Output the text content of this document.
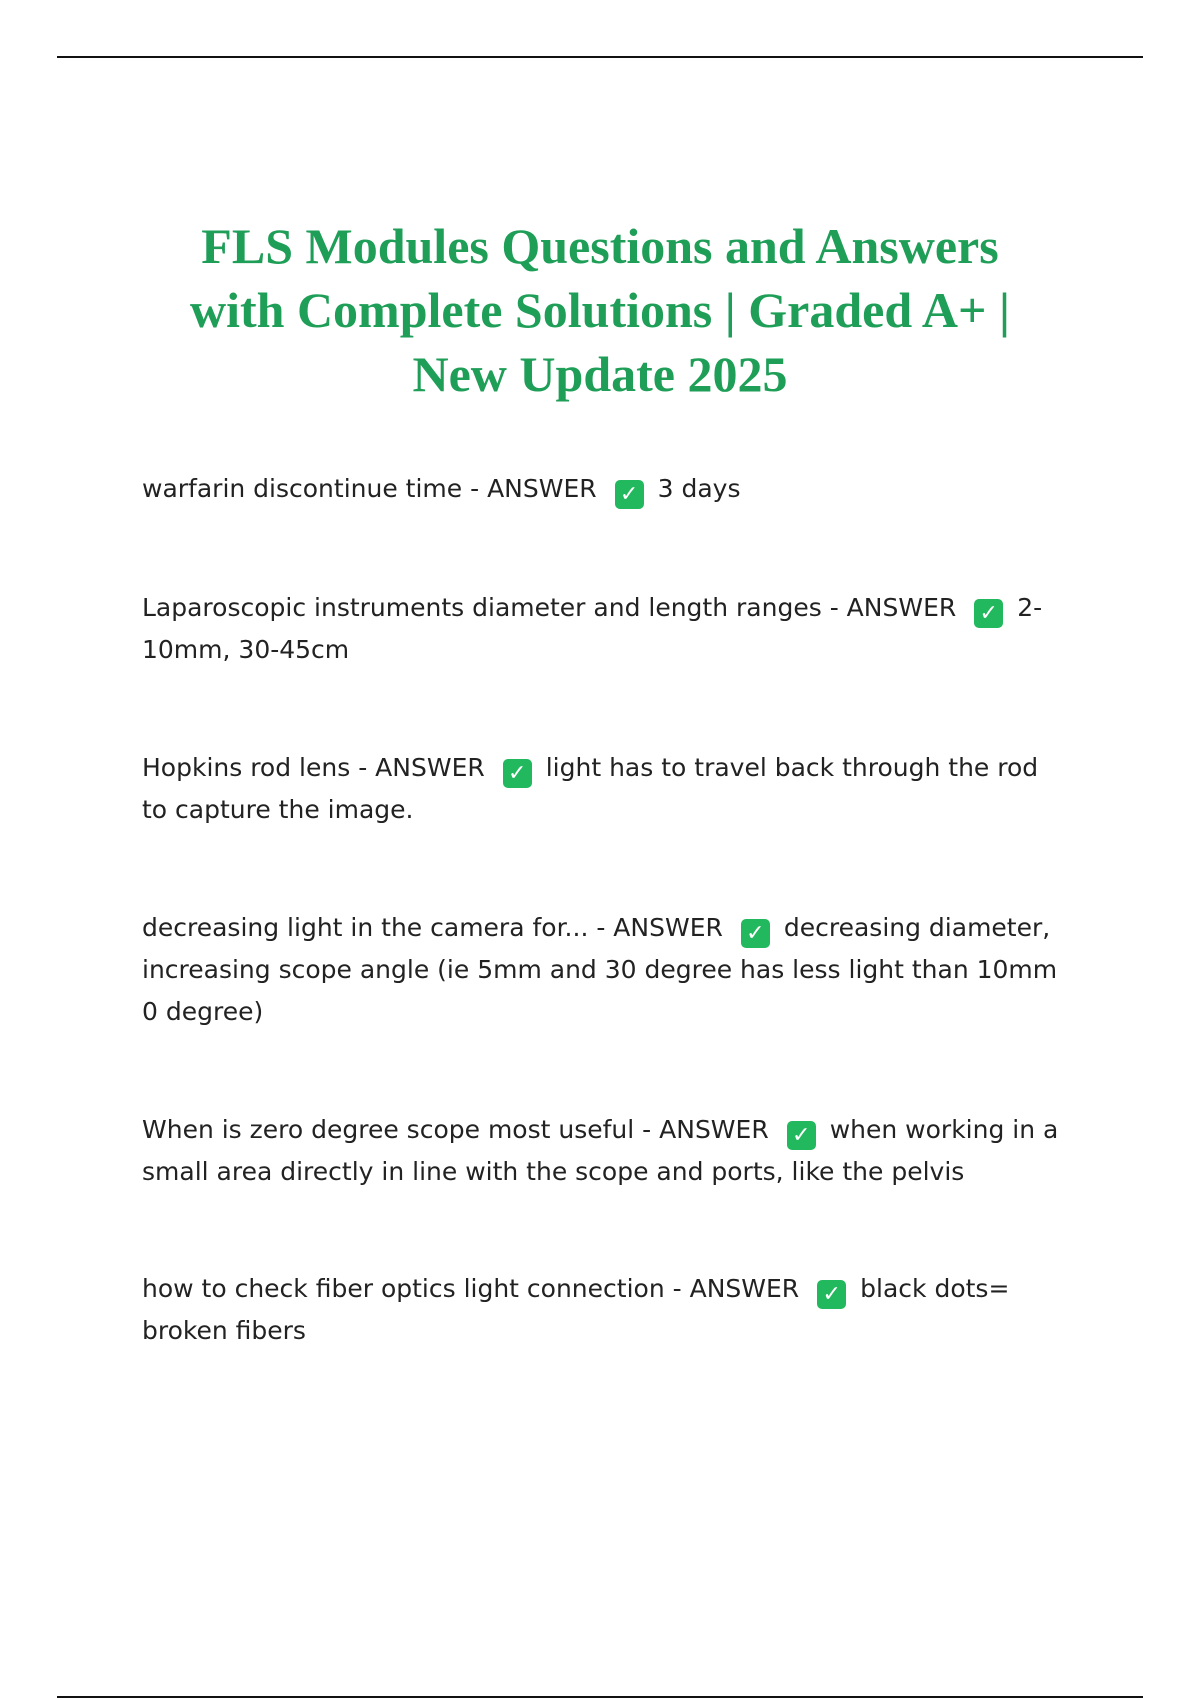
FLS Modules Questions and Answers
with Complete Solutions | Graded A+ |
New Update 2025
warfarin discontinue time - ANSWER ✓ 3 days
Laparoscopic instruments diameter and length ranges - ANSWER ✓ 2-10mm, 30-45cm
Hopkins rod lens - ANSWER ✓ light has to travel back through the rod to capture the image.
decreasing light in the camera for... - ANSWER ✓ decreasing diameter, increasing scope angle (ie 5mm and 30 degree has less light than 10mm 0 degree)
When is zero degree scope most useful - ANSWER ✓ when working in a small area directly in line with the scope and ports, like the pelvis
how to check fiber optics light connection - ANSWER ✓ black dots= broken fibers
